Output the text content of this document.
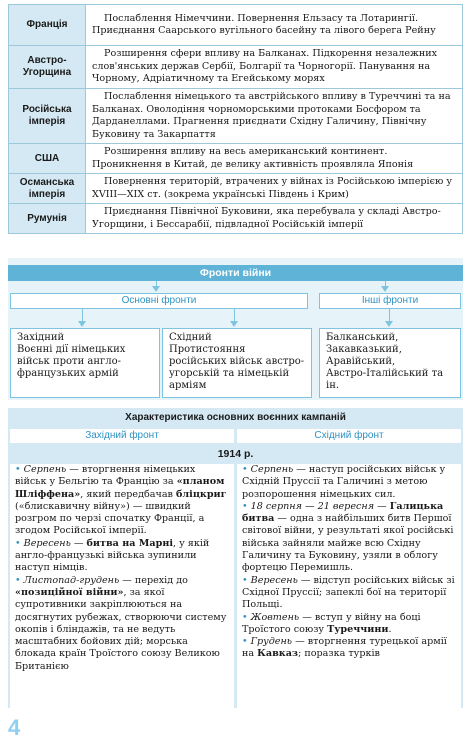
Франція	Послаблення Німеччини. Повернення Ельзасу та Лотарингії. Приєднання Саарського вугільного басейну та лівого берега Рейну
Австро-
Угорщина	Розширення сфери впливу на Балканах. Підкорення незалежних слов'янських держав Сербії, Болгарії та Чорногорії. Панування на Чорному, Адріатичному та Егейському морях
Російська
імперія	Послаблення німецького та австрійського впливу в Туреччині та на Балканах. Оволодіння чорноморськими протоками Босфором та Дарданеллами. Прагнення приєднати Східну Галичину, Північну Буковину та Закарпаття
США	Розширення впливу на весь американський континент. Проникнення в Китай, де велику активність проявляла Японія
Османська
імперія	Повернення територій, втрачених у війнах із Російською імперією у XVIII—XIX ст. (зокрема українські Південь і Крим)
Румунія	Приєднання Північної Буковини, яка перебувала у складі Австро-Угорщини, і Бессарабії, підвладної Російській імперії
Фронти війни
Основні фронти	Інші фронти
Західний
Воєнні дії німецьких військ проти англо-французьких армій
Східний
Протистояння російських військ австро-угорській та німецькій арміям
Балканський,
Закавказький,
Аравійський,
Австро-Італійський та ін.
Характеристика основних воєнних кампаній
Західний фронт	Східний фронт
1914 р.
• Серпень — вторгнення німецьких військ у Бельгію та Францію за «планом Шліффена», який передбачав бліцкриг («блискавичну війну») — швидкий розгром по черзі спочатку Франції, а згодом Російської імперії.
• Вересень — битва на Марні, у якій англо-французькі війська зупинили наступ німців.
• Листопад-грудень — перехід до «позиційної війни», за якої супротивники закріплюються на досягнутих рубежах, створюючи систему окопів і бліндажів, та не ведуть масштабних бойових дій; морська блокада країн Троїстого союзу Великою Британією
• Серпень — наступ російських військ у Східній Пруссії та Галичині з метою розпорошення німецьких сил.
• 18 серпня — 21 вересня — Галицька битва — одна з найбільших битв Першої світової війни, у результаті якої російські війська зайняли майже всю Східну Галичину та Буковину, узяли в облогу фортецю Перемишль.
• Вересень — відступ російських військ зі Східної Пруссії; запеклі бої на території Польщі.
• Жовтень — вступ у війну на боці Троїстого союзу Туреччини.
• Грудень — вторгнення турецької армії на Кавказ; поразка турків
4
